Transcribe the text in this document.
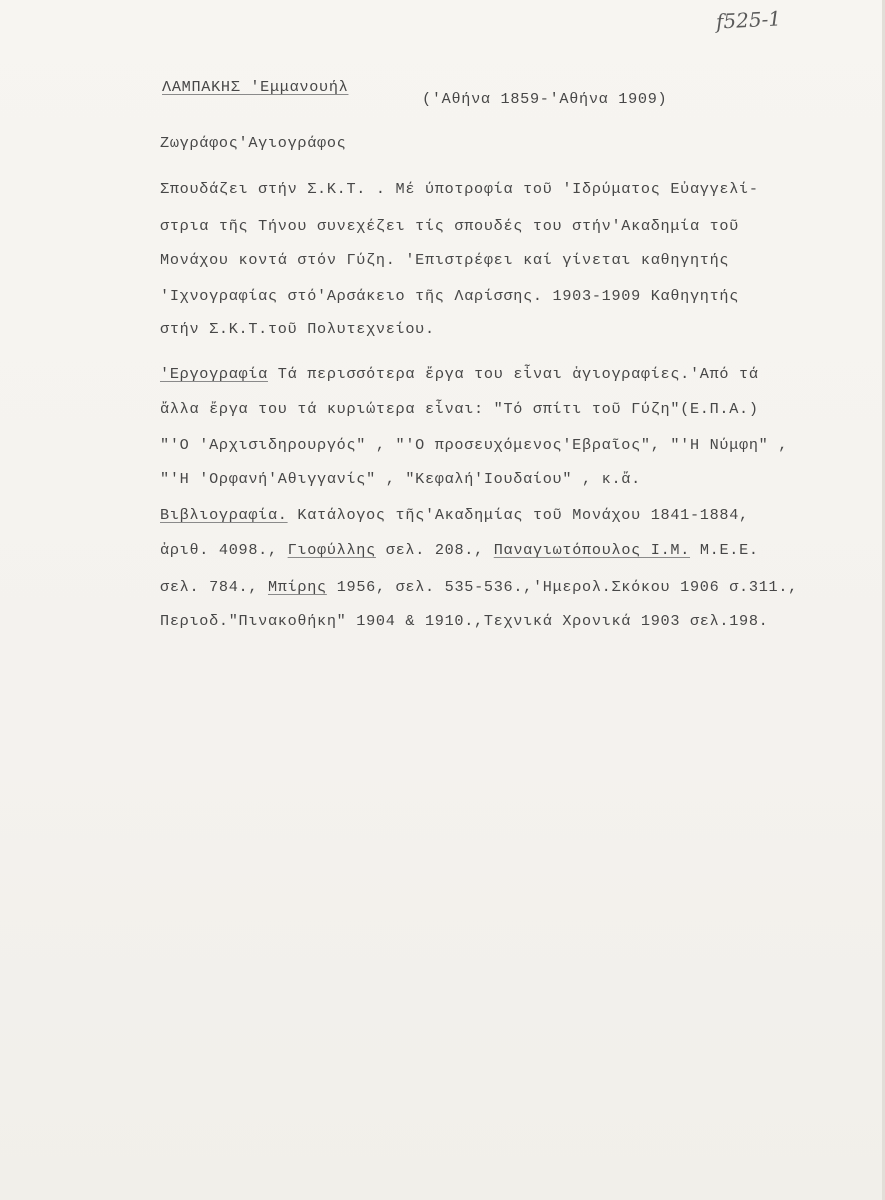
f525-1
ΛΑΜΠΑΚΗΣ 'Εμμανουήλ
('Αθήνα 1859-'Αθήνα 1909)
Ζωγράφος'Αγιογράφος
Σπουδάζει στήν Σ.Κ.Τ. . Μέ ύποτροφία τοῦ 'Ιδρύματος Εὐαγγελί-
στρια τῆς Τήνου συνεχέζει τίς σπουδές του στήν'Ακαδημία τοῦ
Μονάχου κοντά στόν Γύζη. 'Επιστρέφει καί γίνεται καθηγητής
'Ιχνογραφίας στό'Αρσάκειο τῆς Λαρίσσης. 1903-1909 Καθηγητής
στήν Σ.Κ.Τ.τοῦ Πολυτεχνείου.
'Εργογραφία Τά περισσότερα ἔργα του εἶναι ἁγιογραφίες.'Από τά
ἄλλα ἔργα του τά κυριώτερα εἶναι: "Τό σπίτι τοῦ Γύζη"(Ε.Π.Α.)
"'Ο 'Αρχισιδηρουργός" , "'Ο προσευχόμενος'Εβραῖος", "'Η Νύμφη" ,
"'Η 'Ορφανή'Αθιγγανίς" , "Κεφαλή'Ιουδαίου" , κ.ἄ.
Βιβλιογραφία. Κατάλογος τῆς'Ακαδημίας τοῦ Μονάχου 1841-1884,
ἀριθ. 4098., Γιοφύλλης σελ. 208., Παναγιωτόπουλος Ι.Μ. Μ.Ε.Ε.
σελ. 784., Μπίρης 1956, σελ. 535-536.,'Ημερολ.Σκόκου 1906 σ.311.,
Περιοδ."Πινακοθήκη" 1904 & 1910.,Τεχνικά Χρονικά 1903 σελ.198.
